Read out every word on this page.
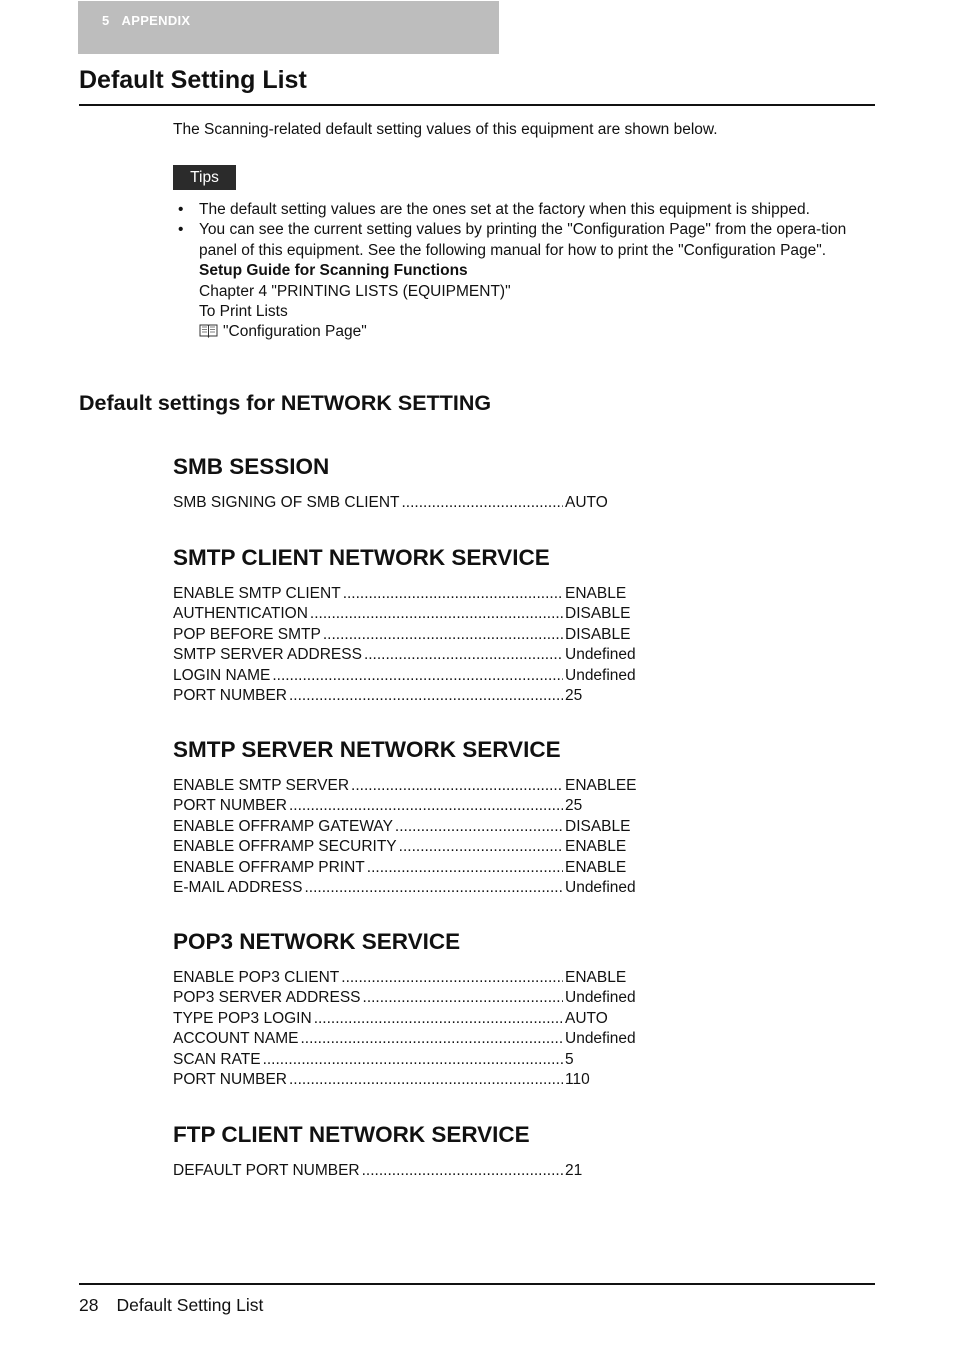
5 APPENDIX
Default Setting List

The Scanning-related default setting values of this equipment are shown below.

Tips
• The default setting values are the ones set at the factory when this equipment is shipped.
• You can see the current setting values by printing the "Configuration Page" from the opera-tion panel of this equipment. See the following manual for how to print the "Configuration Page".
Setup Guide for Scanning Functions
Chapter 4 "PRINTING LISTS (EQUIPMENT)"
To Print Lists
"Configuration Page"
Default settings for NETWORK SETTING
SMB SESSION
SMB SIGNING OF SMB CLIENT .....	AUTO
SMTP CLIENT NETWORK SERVICE
ENABLE SMTP CLIENT .....	ENABLE
AUTHENTICATION .....	DISABLE
POP BEFORE SMTP .....	DISABLE
SMTP SERVER ADDRESS .....	Undefined
LOGIN NAME .....	Undefined
PORT NUMBER .....	25
SMTP SERVER NETWORK SERVICE
ENABLE SMTP SERVER .....	ENABLEE
PORT NUMBER .....	25
ENABLE OFFRAMP GATEWAY .....	DISABLE
ENABLE OFFRAMP SECURITY .....	ENABLE
ENABLE OFFRAMP PRINT .....	ENABLE
E-MAIL ADDRESS .....	Undefined
POP3 NETWORK SERVICE
ENABLE POP3 CLIENT .....	ENABLE
POP3 SERVER ADDRESS .....	Undefined
TYPE POP3 LOGIN .....	AUTO
ACCOUNT NAME .....	Undefined
SCAN RATE .....	5
PORT NUMBER .....	110
FTP CLIENT NETWORK SERVICE
DEFAULT PORT NUMBER .....	21
28 Default Setting List
